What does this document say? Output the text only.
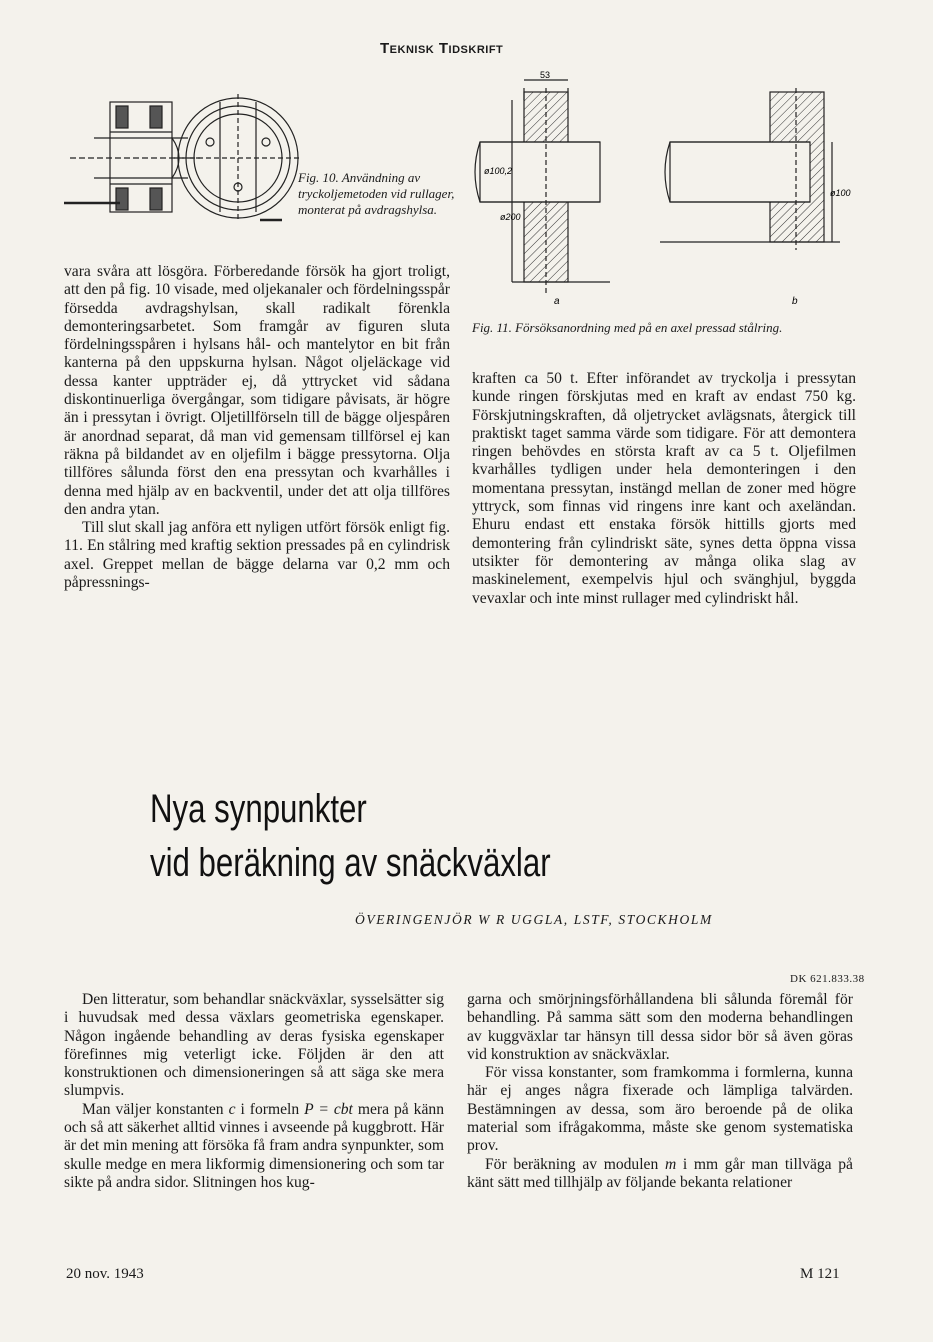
Teknisk Tidskrift
Fig. 10. Användning av tryckoljemetoden vid rullager, monterat på avdragshylsa.
53
ø100,2
ø200
ø100
a	b
Fig. 11. Försöksanordning med på en axel pressad stålring.

vara svåra att lösgöra. Förberedande försök ha gjort troligt, att den på fig. 10 visade, med oljekanaler och fördelningsspår försedda avdragshylsan, skall radikalt förenkla demonteringsarbetet. Som framgår av figuren sluta fördelningsspåren i hylsans hål- och mantelytor en bit från kanterna på den uppskurna hylsan. Något oljeläckage vid dessa kanter uppträder ej, då yttrycket vid sådana diskontinuerliga övergångar, som tidigare påvisats, är högre än i pressytan i övrigt. Oljetillförseln till de bägge oljespåren är anordnad separat, då man vid gemensam tillförsel ej kan räkna på bildandet av en oljefilm i bägge pressytorna. Olja tillföres sålunda först den ena pressytan och kvarhålles i denna med hjälp av en backventil, under det att olja tillföres den andra ytan.

Till slut skall jag anföra ett nyligen utfört försök enligt fig. 11. En stålring med kraftig sektion pressades på en cylindrisk axel. Greppet mellan de bägge delarna var 0,2 mm och påpressnings-

kraften ca 50 t. Efter införandet av tryckolja i pressytan kunde ringen förskjutas med en kraft av endast 750 kg. Förskjutningskraften, då oljetrycket avlägsnats, återgick till praktiskt taget samma värde som tidigare. För att demontera ringen behövdes en största kraft av ca 5 t. Oljefilmen kvarhålles tydligen under hela demonteringen i den momentana pressytan, instängd mellan de zoner med högre yttryck, som finnas vid ringens inre kant och axeländan. Ehuru endast ett enstaka försök hittills gjorts med demontering från cylindriskt säte, synes detta öppna vissa utsikter för demontering av många olika slag av maskinelement, exempelvis hjul och svänghjul, byggda vevaxlar och inte minst rullager med cylindriskt hål.

Nya synpunkter
vid beräkning av snäckväxlar
ÖVERINGENJÖR W R UGGLA, LSTF, STOCKHOLM
DK 621.833.38

Den litteratur, som behandlar snäckväxlar, sysselsätter sig i huvudsak med dessa växlars geometriska egenskaper. Någon ingående behandling av deras fysiska egenskaper förefinnes mig veterligt icke. Följden är den att konstruktionen och dimensioneringen så att säga ske mera slumpvis.

Man väljer konstanten c i formeln P = cbt mera på känn och så att säkerhet alltid vinnes i avseende på kuggbrott. Här är det min mening att försöka få fram andra synpunkter, som skulle medge en mera likformig dimensionering och som tar sikte på andra sidor. Slitningen hos kug-

garna och smörjningsförhållandena bli sålunda föremål för behandling. På samma sätt som den moderna behandlingen av kuggväxlar tar hänsyn till dessa sidor bör så även göras vid konstruktion av snäckväxlar.

För vissa konstanter, som framkomma i formlerna, kunna här ej anges några fixerade och lämpliga talvärden. Bestämningen av dessa, som äro beroende på de olika material som ifrågakomma, måste ske genom systematiska prov.

För beräkning av modulen m i mm går man tillväga på känt sätt med tillhjälp av följande bekanta relationer

20 nov. 1943	M 121
